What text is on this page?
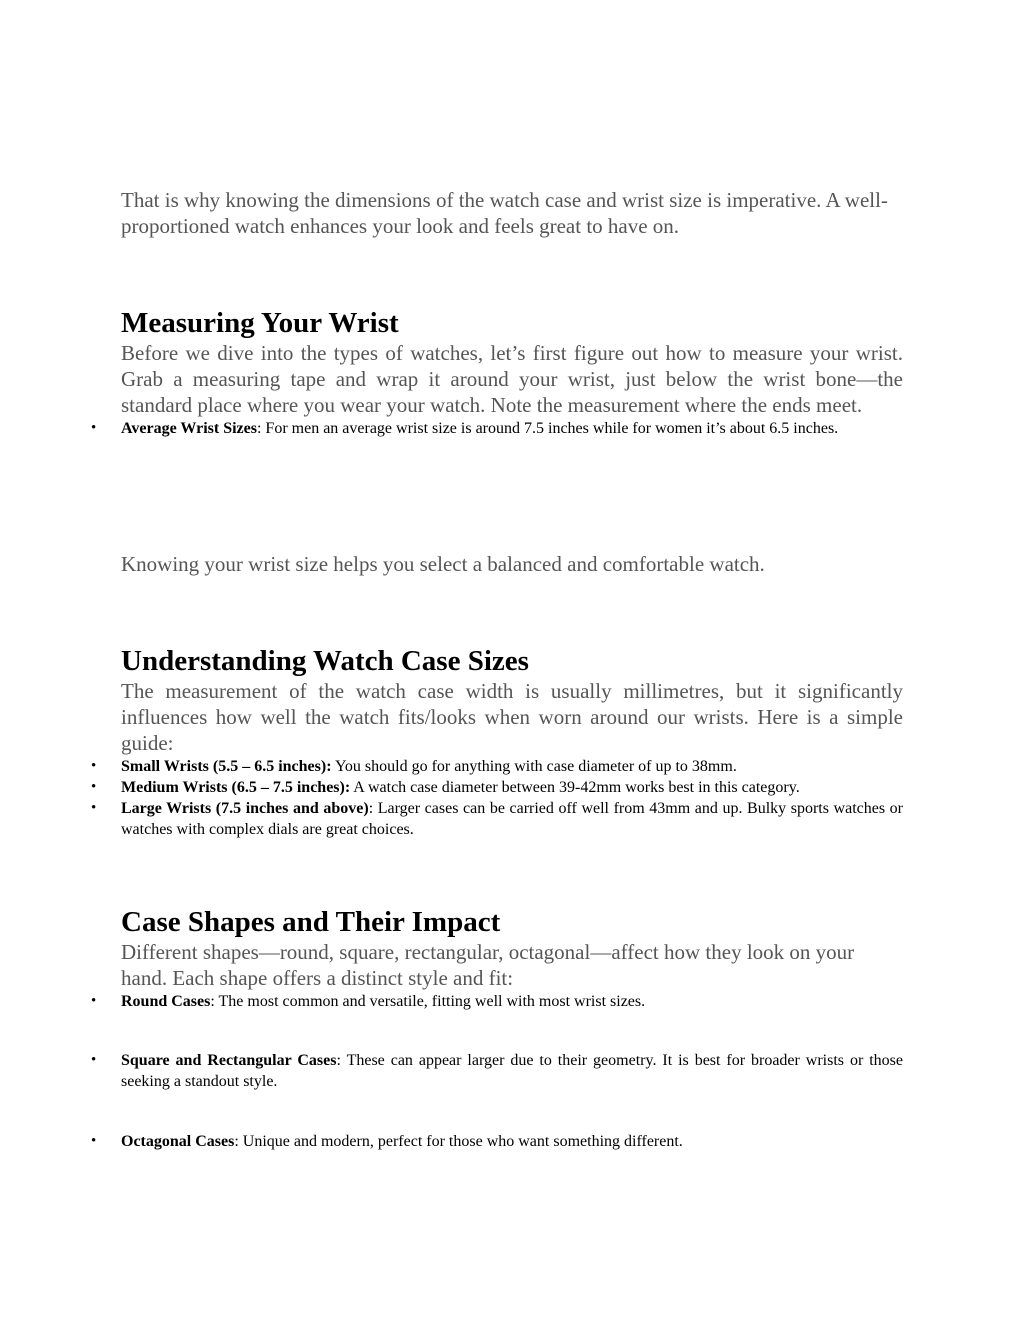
That is why knowing the dimensions of the watch case and wrist size is imperative. A well-proportioned watch enhances your look and feels great to have on.

Measuring Your Wrist

Before we dive into the types of watches, let’s first figure out how to measure your wrist. Grab a measuring tape and wrap it around your wrist, just below the wrist bone—the standard place where you wear your watch. Note the measurement where the ends meet.

• Average Wrist Sizes: For men an average wrist size is around 7.5 inches while for women it’s about 6.5 inches.

Knowing your wrist size helps you select a balanced and comfortable watch.

Understanding Watch Case Sizes

The measurement of the watch case width is usually millimetres, but it significantly influences how well the watch fits/looks when worn around our wrists. Here is a simple guide:

• Small Wrists (5.5 – 6.5 inches): You should go for anything with case diameter of up to 38mm.
• Medium Wrists (6.5 – 7.5 inches): A watch case diameter between 39-42mm works best in this category.
• Large Wrists (7.5 inches and above): Larger cases can be carried off well from 43mm and up. Bulky sports watches or watches with complex dials are great choices.
Case Shapes and Their Impact

Different shapes—round, square, rectangular, octagonal—affect how they look on your hand. Each shape offers a distinct style and fit:

• Round Cases: The most common and versatile, fitting well with most wrist sizes.
• Square and Rectangular Cases: These can appear larger due to their geometry. It is best for broader wrists or those seeking a standout style.
• Octagonal Cases: Unique and modern, perfect for those who want something different.
